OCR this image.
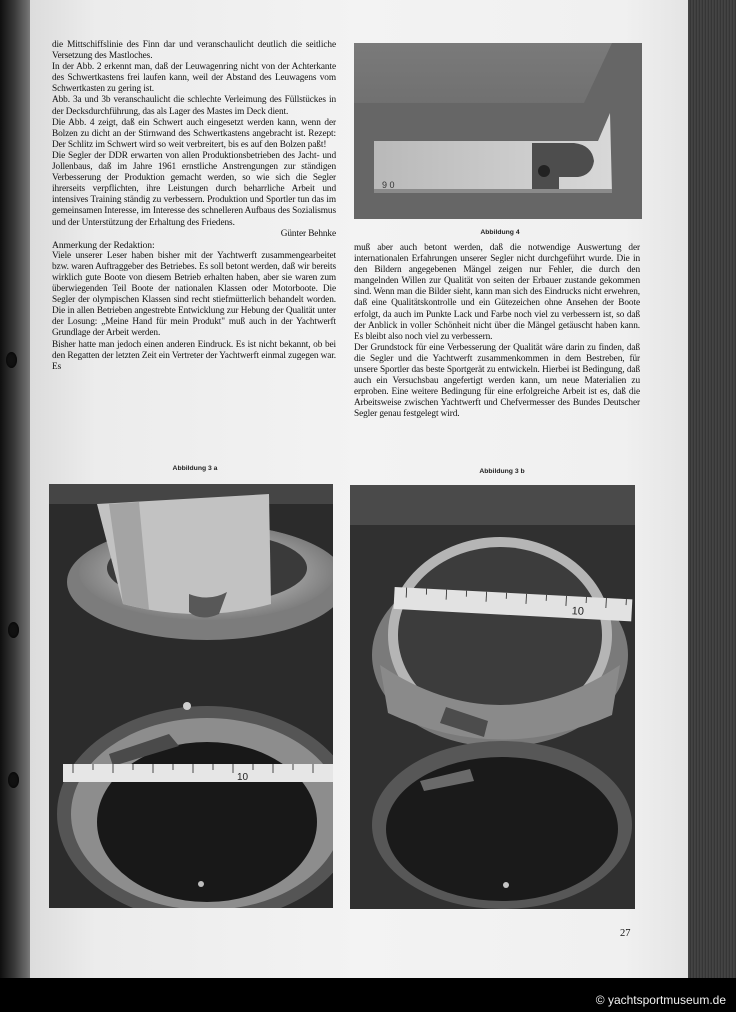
die Mittschiffslinie des Finn dar und veranschaulicht deutlich die seitliche Versetzung des Mastloches.

In der Abb. 2 erkennt man, daß der Leuwagenring nicht von der Achterkante des Schwertkastens frei laufen kann, weil der Abstand des Leuwagens vom Schwertkasten zu gering ist.

Abb. 3a und 3b veranschaulicht die schlechte Verleimung des Füllstückes in der Decksdurchführung, das als Lager des Mastes im Deck dient.

Die Abb. 4 zeigt, daß ein Schwert auch eingesetzt werden kann, wenn der Bolzen zu dicht an der Stirnwand des Schwertkastens angebracht ist. Rezept: Der Schlitz im Schwert wird so weit verbreitert, bis es auf den Bolzen paßt!

Die Segler der DDR erwarten von allen Produktionsbetrieben des Jacht- und Jollenbaus, daß im Jahre 1961 ernstliche Anstrengungen zur ständigen Verbesserung der Produktion gemacht werden, so wie sich die Segler ihrerseits verpflichten, ihre Leistungen durch beharrliche Arbeit und intensives Training ständig zu verbessern. Produktion und Sportler tun das im gemeinsamen Interesse, im Interesse des schnelleren Aufbaus des Sozialismus und der Unterstützung der Erhaltung des Friedens.

Günter Behnke

Anmerkung der Redaktion:

Viele unserer Leser haben bisher mit der Yachtwerft zusammengearbeitet bzw. waren Auftraggeber des Betriebes. Es soll betont werden, daß wir bereits wirklich gute Boote von diesem Betrieb erhalten haben, aber sie waren zum überwiegenden Teil Boote der nationalen Klassen oder Motorboote. Die Segler der olympischen Klassen sind recht stiefmütterlich behandelt worden. Die in allen Betrieben angestrebte Entwicklung zur Hebung der Qualität unter der Losung: „Meine Hand für mein Produkt" muß auch in der Yachtwerft Grundlage der Arbeit werden.

Bisher hatte man jedoch einen anderen Eindruck. Es ist nicht bekannt, ob bei den Regatten der letzten Zeit ein Vertreter der Yachtwerft einmal zugegen war. Es

muß aber auch betont werden, daß die notwendige Auswertung der internationalen Erfahrungen unserer Segler nicht durchgeführt wurde. Die in den Bildern angegebenen Mängel zeigen nur Fehler, die durch den mangelnden Willen zur Qualität von seiten der Erbauer zustande gekommen sind. Wenn man die Bilder sieht, kann man sich des Eindrucks nicht erwehren, daß eine Qualitätskontrolle und ein Gütezeichen ohne Ansehen der Boote erfolgt, da auch im Punkte Lack und Farbe noch viel zu verbessern ist, so daß der Anblick in voller Schönheit nicht über die Mängel getäuscht haben kann. Es bleibt also noch viel zu verbessern.

Der Grundstock für eine Verbesserung der Qualität wäre darin zu finden, daß die Segler und die Yachtwerft zusammenkommen in dem Bestreben, für unsere Sportler das beste Sportgerät zu entwickeln. Hierbei ist Bedingung, daß auch ein Versuchsbau angefertigt werden kann, um neue Materialien zu erproben. Eine weitere Bedingung für eine erfolgreiche Arbeit ist es, daß die Arbeitsweise zwischen Yachtwerft und Chefvermesser des Bundes Deutscher Segler genau festgelegt wird.

9 0
Abbildung 4
Abbildung 3 a	Abbildung 3 b
10
10
27
© yachtsportmuseum.de
